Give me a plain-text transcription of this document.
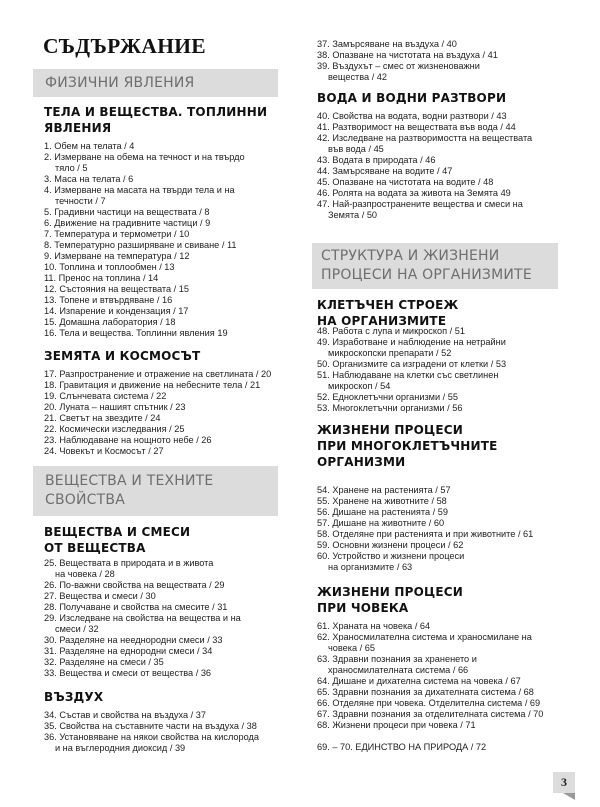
СЪДЪРЖАНИЕ
ФИЗИЧНИ ЯВЛЕНИЯ
ТЕЛА И ВЕЩЕСТВА. ТОПЛИННИ
ЯВЛЕНИЯ
1. Обем на телата / 4
2. Измерване на обема на течност и на твърдо
тяло / 5
3. Маса на телата / 6
4. Измерване на масата на твърди тела и на
течности / 7
5. Градивни частици на веществата / 8
6. Движение на градивните частици / 9
7. Температура и термометри / 10
8. Температурно разширяване и свиване / 11
9. Измерване на температура / 12
10. Топлина и топлообмен / 13
11. Пренос на топлина / 14
12. Състояния на веществата / 15
13. Топене и втвърдяване / 16
14. Изпарение и кондензация / 17
15. Домашна лаборатория / 18
16. Тела и вещества. Топлинни явления 19
ЗЕМЯТА И КОСМОСЪТ
17. Разпространение и отражение на светлината / 20
18. Гравитация и движение на небесните тела / 21
19. Слънчевата система / 22
20. Луната – нашият спътник / 23
21. Светът на звездите / 24
22. Космически изследвания / 25
23. Наблюдаване на нощното небе / 26
24. Човекът и Космосът / 27
ВЕЩЕСТВА И ТЕХНИТЕ
СВОЙСТВА
ВЕЩЕСТВА И СМЕСИ
ОТ ВЕЩЕСТВА
25. Веществата в природата и в живота
на човека / 28
26. По-важни свойства на веществата / 29
27. Вещества и смеси / 30
28. Получаване и свойства на смесите / 31
29. Изследване на свойства на вещества и на
смеси / 32
30. Разделяне на нееднородни смеси / 33
31. Разделяне на еднородни смеси / 34
32. Разделяне на смеси / 35
33. Вещества и смеси от вещества / 36
ВЪЗДУХ
34. Състав и свойства на въздуха / 37
35. Свойства на съставните части на въздуха / 38
36. Установяване на някои свойства на кислорода
и на въглеродния диоксид / 39
37. Замърсяване на въздуха / 40
38. Опазване на чистотата на въздуха / 41
39. Въздухът – смес от жизненоважни
вещества / 42
ВОДА И ВОДНИ РАЗТВОРИ
40. Свойства на водата, водни разтвори / 43
41. Разтворимост на веществата във вода / 44
42. Изследване на разтворимостта на веществата
във вода / 45
43. Водата в природата / 46
44. Замърсяване на водите / 47
45. Опазване на чистотата на водите / 48
46. Ролята на водата за живота на Земята 49
47. Най-разпространените вещества и смеси на
Земята / 50
СТРУКТУРА И ЖИЗНЕНИ
ПРОЦЕСИ НА ОРГАНИЗМИТЕ
КЛЕТЪЧЕН СТРОЕЖ
НА ОРГАНИЗМИТЕ
48. Работа с лупа и микроскоп / 51
49. Изработване и наблюдение на нетрайни
микроскопски препарати / 52
50. Организмите са изградени от клетки / 53
51. Наблюдаване на клетки със светлинен
микроскоп / 54
52. Едноклетъчни организми / 55
53. Многоклетъчни организми / 56
ЖИЗНЕНИ ПРОЦЕСИ
ПРИ МНОГОКЛЕТЪЧНИТЕ
ОРГАНИЗМИ
54. Хранене на растенията / 57
55. Хранене на животните / 58
56. Дишане на растенията / 59
57. Дишане на животните / 60
58. Отделяне при растенията и при животните / 61
59. Основни жизнени процеси / 62
60. Устройство и жизнени процеси
на организмите / 63
ЖИЗНЕНИ ПРОЦЕСИ
ПРИ ЧОВЕКА
61. Храната на човека / 64
62. Храносмилателна система и храносмилане на
човека / 65
63. Здравни познания за храненето и
храносмилателната система / 66
64. Дишане и дихателна система на човека / 67
65. Здравни познания за дихателната система / 68
66. Отделяне при човека. Отделителна система / 69
67. Здравни познания за отделителната система / 70
68. Жизнени процеси при човека / 71
69. – 70. ЕДИНСТВО НА ПРИРОДА / 72
3
